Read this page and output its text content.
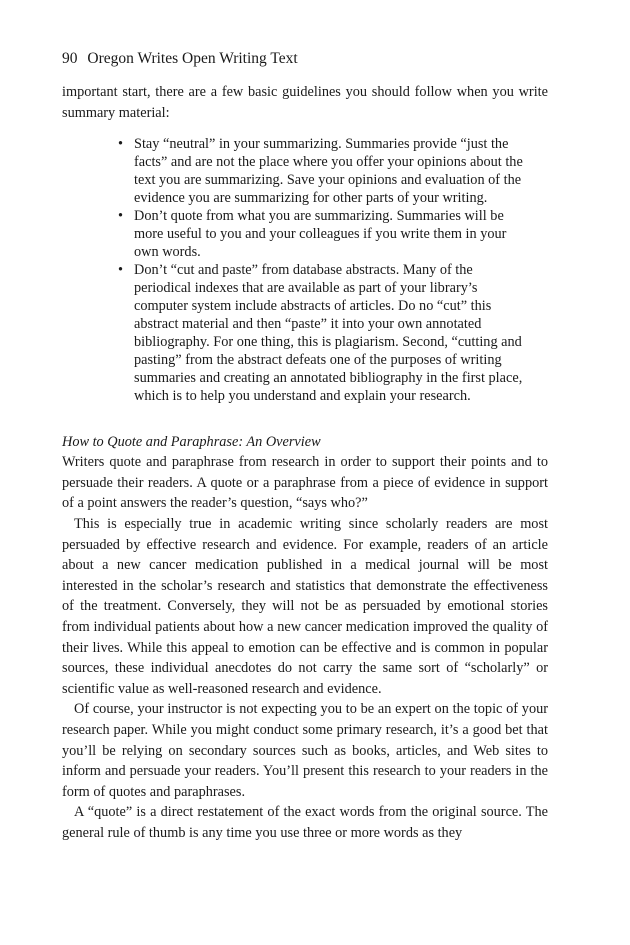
90 Oregon Writes Open Writing Text

important start, there are a few basic guidelines you should follow when you write summary material:

• Stay “neutral” in your summarizing. Summaries provide “just the facts” and are not the place where you offer your opinions about the text you are summarizing. Save your opinions and evaluation of the evidence you are summarizing for other parts of your writing.
• Don’t quote from what you are summarizing. Summaries will be more useful to you and your colleagues if you write them in your own words.
• Don’t “cut and paste” from database abstracts. Many of the periodical indexes that are available as part of your library’s computer system include abstracts of articles. Do no “cut” this abstract material and then “paste” it into your own annotated bibliography. For one thing, this is plagiarism. Second, “cutting and pasting” from the abstract defeats one of the purposes of writing summaries and creating an annotated bibliography in the first place, which is to help you understand and explain your research.
How to Quote and Paraphrase: An Overview

Writers quote and paraphrase from research in order to support their points and to persuade their readers. A quote or a paraphrase from a piece of evidence in support of a point answers the reader’s question, “says who?”

This is especially true in academic writing since scholarly readers are most persuaded by effective research and evidence. For example, readers of an article about a new cancer medication published in a medical journal will be most interested in the scholar’s research and statistics that demonstrate the effectiveness of the treatment. Conversely, they will not be as persuaded by emotional stories from individual patients about how a new cancer medication improved the quality of their lives. While this appeal to emotion can be effective and is common in popular sources, these individual anecdotes do not carry the same sort of “scholarly” or scientific value as well-reasoned research and evidence.

Of course, your instructor is not expecting you to be an expert on the topic of your research paper. While you might conduct some primary research, it’s a good bet that you’ll be relying on secondary sources such as books, articles, and Web sites to inform and persuade your readers. You’ll present this research to your readers in the form of quotes and paraphrases.

A “quote” is a direct restatement of the exact words from the original source. The general rule of thumb is any time you use three or more words as they
